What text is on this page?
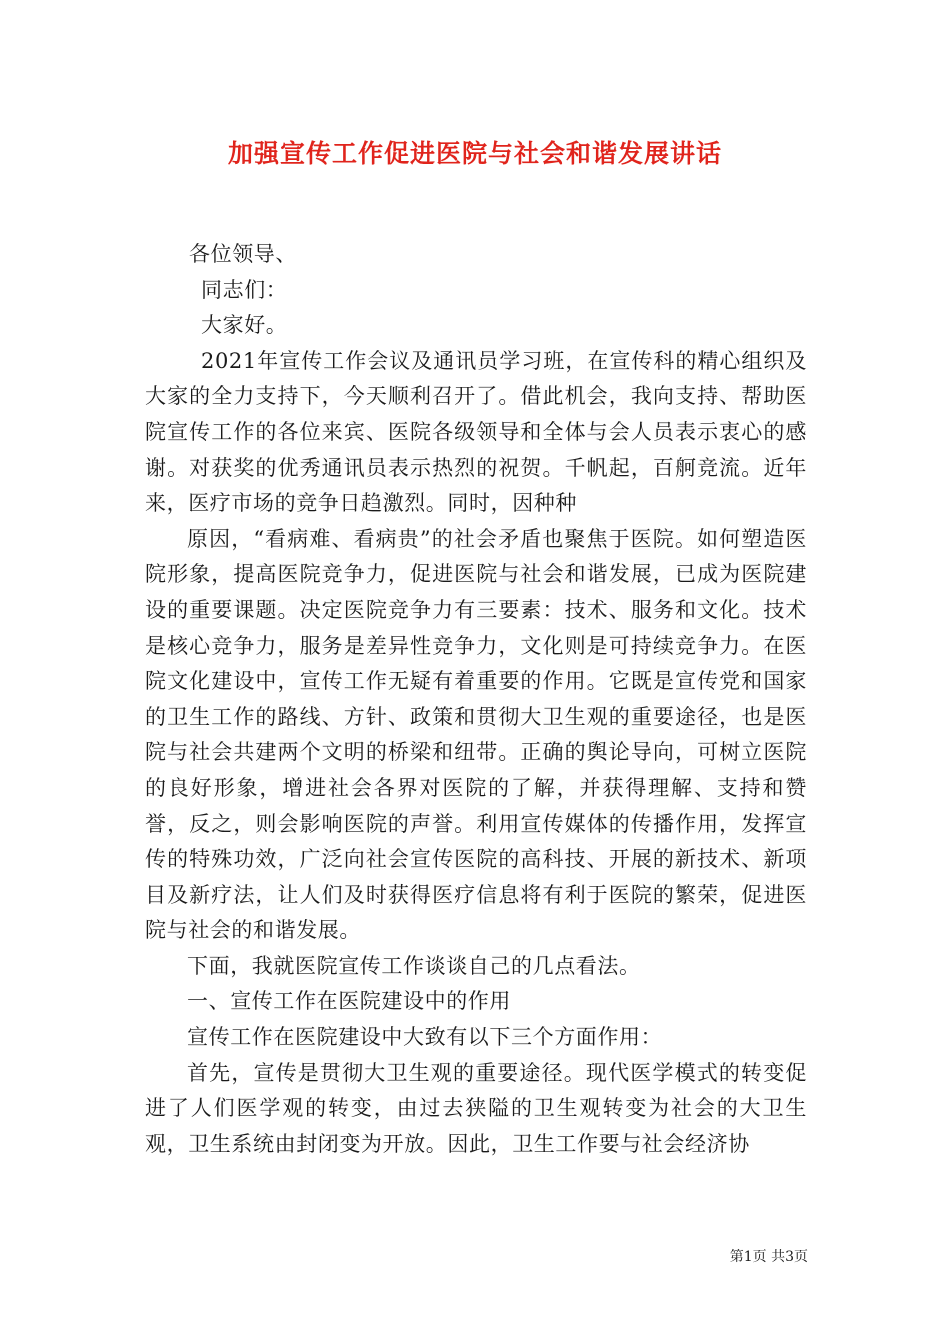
加强宣传工作促进医院与社会和谐发展讲话

各位领导、

同志们：

大家好。

2021年宣传工作会议及通讯员学习班，在宣传科的精心组织及大家的全力支持下，今天顺利召开了。借此机会，我向支持、帮助医院宣传工作的各位来宾、医院各级领导和全体与会人员表示衷心的感谢。对获奖的优秀通讯员表示热烈的祝贺。千帆起，百舸竞流。近年来，医疗市场的竞争日趋激烈。同时，因种种

原因，“看病难、看病贵”的社会矛盾也聚焦于医院。如何塑造医院形象，提高医院竞争力，促进医院与社会和谐发展，已成为医院建设的重要课题。决定医院竞争力有三要素：技术、服务和文化。技术是核心竞争力，服务是差异性竞争力，文化则是可持续竞争力。在医院文化建设中，宣传工作无疑有着重要的作用。它既是宣传党和国家的卫生工作的路线、方针、政策和贯彻大卫生观的重要途径，也是医院与社会共建两个文明的桥梁和纽带。正确的舆论导向，可树立医院的良好形象，增进社会各界对医院的了解，并获得理解、支持和赞誉，反之，则会影响医院的声誉。利用宣传媒体的传播作用，发挥宣传的特殊功效，广泛向社会宣传医院的高科技、开展的新技术、新项目及新疗法，让人们及时获得医疗信息将有利于医院的繁荣，促进医院与社会的和谐发展。

下面，我就医院宣传工作谈谈自己的几点看法。

一、宣传工作在医院建设中的作用

宣传工作在医院建设中大致有以下三个方面作用：

首先，宣传是贯彻大卫生观的重要途径。现代医学模式的转变促进了人们医学观的转变，由过去狭隘的卫生观转变为社会的大卫生观，卫生系统由封闭变为开放。因此，卫生工作要与社会经济协

第1页 共3页
